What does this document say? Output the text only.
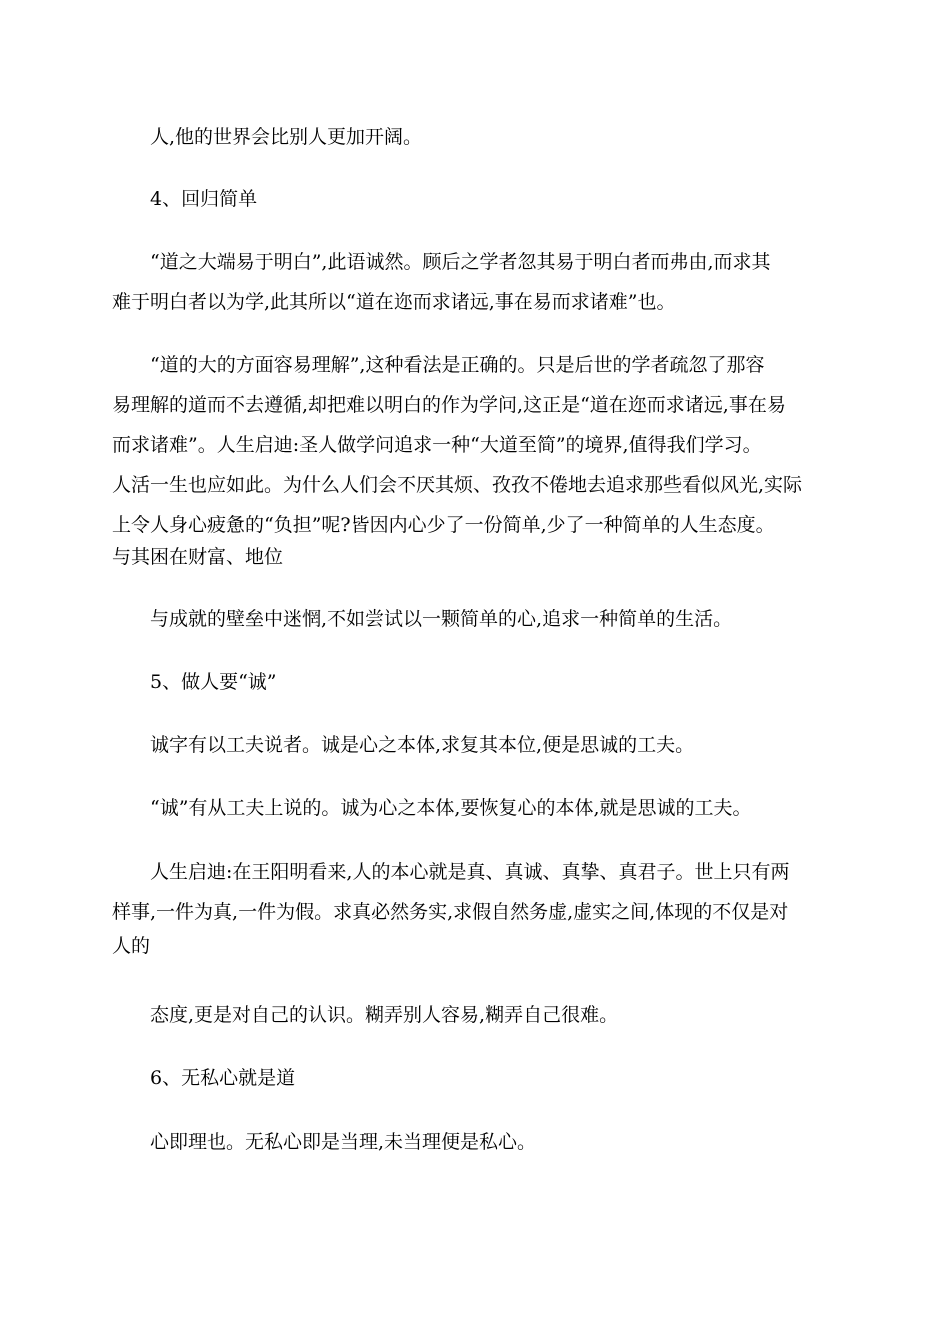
人,他的世界会比别人更加开阔。

4、回归简单

“道之大端易于明白”,此语诚然。顾后之学者忽其易于明白者而弗由,而求其

难于明白者以为学,此其所以“道在迩而求诸远,事在易而求诸难”也。

“道的大的方面容易理解”,这种看法是正确的。只是后世的学者疏忽了那容

易理解的道而不去遵循,却把难以明白的作为学问,这正是“道在迩而求诸远,事在易

而求诸难”。人生启迪:圣人做学问追求一种“大道至简”的境界,值得我们学习。

人活一生也应如此。为什么人们会不厌其烦、孜孜不倦地去追求那些看似风光,实际

上令人身心疲惫的“负担”呢?皆因内心少了一份简单,少了一种简单的人生态度。

与其困在财富、地位

与成就的壁垒中迷惘,不如尝试以一颗简单的心,追求一种简单的生活。

5、做人要“诚”

诚字有以工夫说者。诚是心之本体,求复其本位,便是思诚的工夫。

“诚”有从工夫上说的。诚为心之本体,要恢复心的本体,就是思诚的工夫。

人生启迪:在王阳明看来,人的本心就是真、真诚、真挚、真君子。世上只有两

样事,一件为真,一件为假。求真必然务实,求假自然务虚,虚实之间,体现的不仅是对

人的

态度,更是对自己的认识。糊弄别人容易,糊弄自己很难。

6、无私心就是道

心即理也。无私心即是当理,未当理便是私心。
